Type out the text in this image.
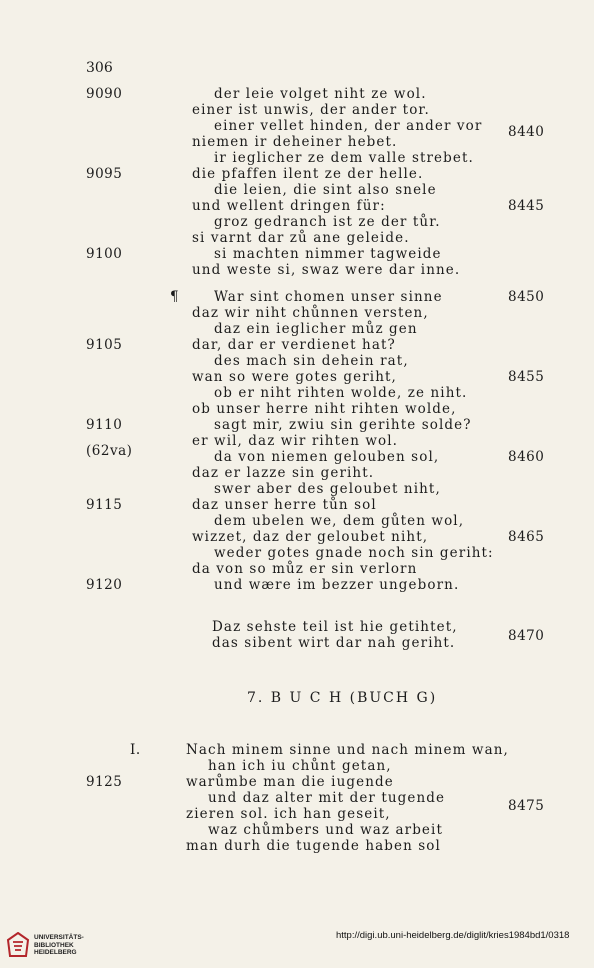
306
der leie volget niht ze wol.
einer ist unwis, der ander tor.
einer vellet hinden, der ander vor
niemen ir deheiner hebet.
ir ieglicher ze dem valle strebet.
die pfaffen ilent ze der helle.
die leien, die sint also snele
und wellent dringen für:
groz gedranch ist ze der tůr.
si varnt dar zů ane geleide.
si machten nimmer tagweide
und weste si, swaz were dar inne.
¶	War sint chomen unser sinne
daz wir niht chůnnen versten,
daz ein ieglicher můz gen
dar, dar er verdienet hat?
des mach sin dehein rat,
wan so were gotes geriht,
ob er niht rihten wolde, ze niht.
ob unser herre niht rihten wolde,
sagt mir, zwiu sin gerihte solde?
er wil, daz wir rihten wol.
da von niemen gelouben sol,
daz er lazze sin geriht.
swer aber des geloubet niht,
daz unser herre tůn sol
dem ubelen we, dem gůten wol,
wizzet, daz der geloubet niht,
weder gotes gnade noch sin geriht:
da von so můz er sin verlorn
und wære im bezzer ungeborn.
Daz sehste teil ist hie getihtet,
das sibent wirt dar nah geriht.
7. B U C H (BUCH G)
Nach minem sinne und nach minem wan,
han ich iu chůnt getan,
warůmbe man die iugende
und daz alter mit der tugende
zieren sol. ich han geseit,
waz chůmbers und waz arbeit
man durh die tugende haben sol
9090
9095
9100
9105
9110
(62va)
9115
9120
I.
9125
8440
8445
8450
8455
8460
8465
8470
8475
UNIVERSITÄTS-
BIBLIOTHEK
HEIDELBERG
http://digi.ub.uni-heidelberg.de/diglit/kries1984bd1/0318
